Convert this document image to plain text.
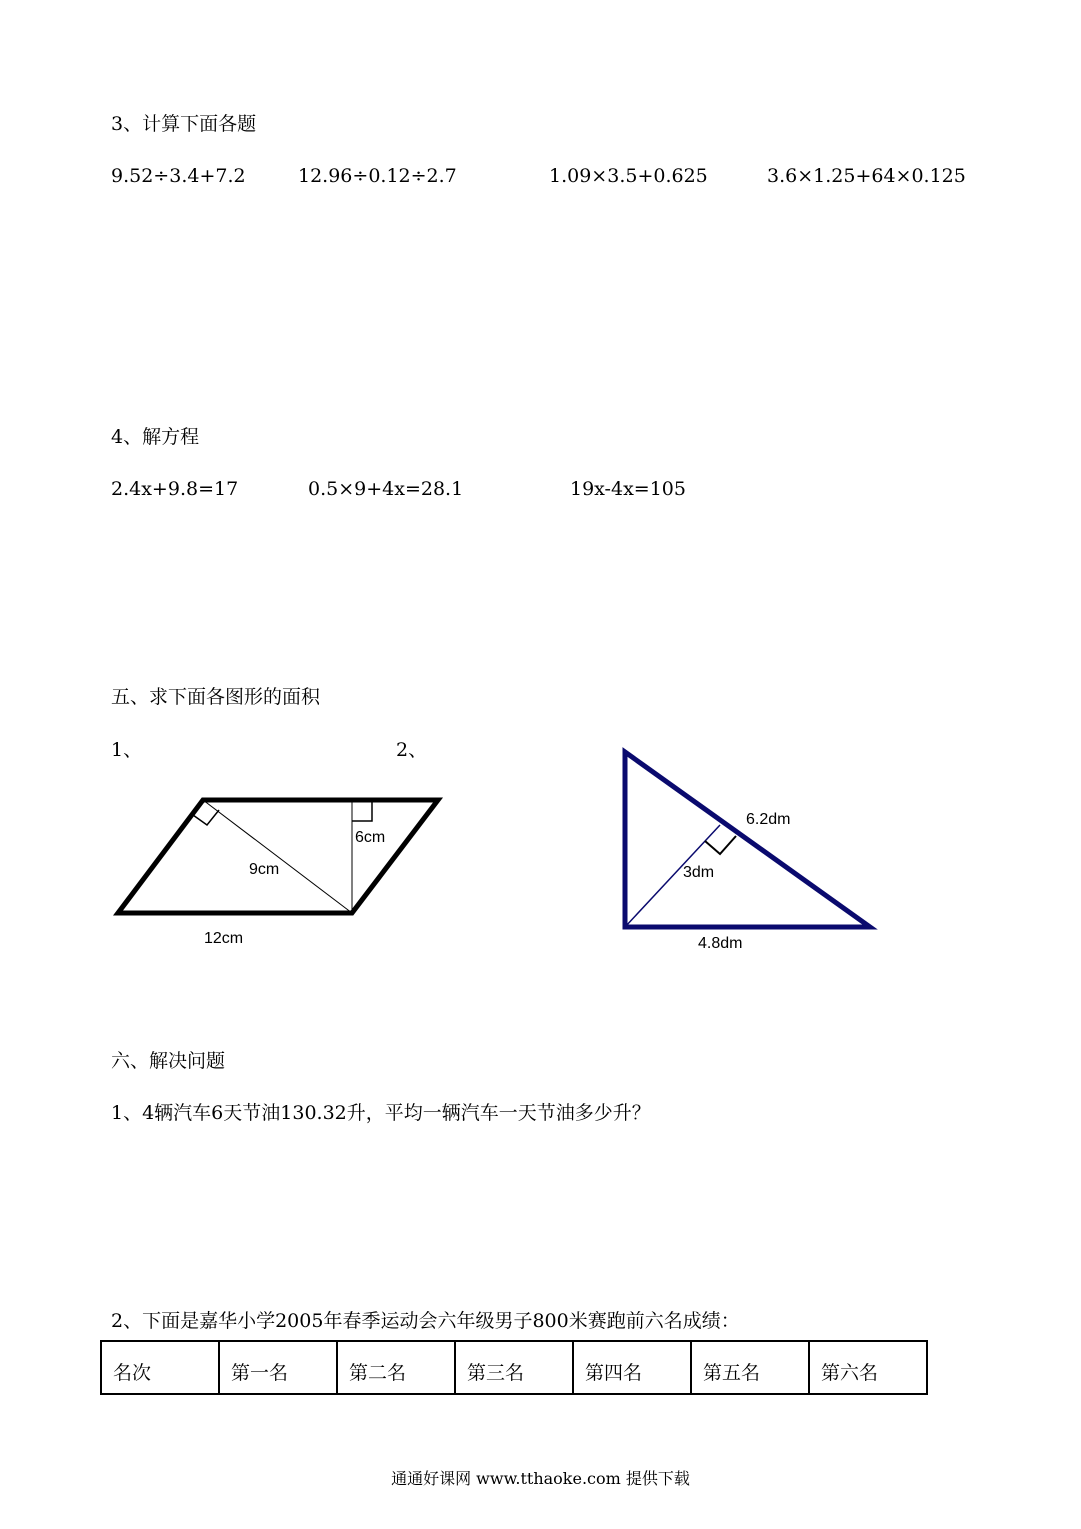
3、计算下面各题
9.52÷3.4+7.2	12.96÷0.12÷2.7	1.09×3.5+0.625	3.6×1.25+64×0.125
4、解方程
2.4x+9.8=17	0.5×9+4x=28.1	19x-4x=105
五、求下面各图形的面积
1、	2、
12cm
6cm
9cm
6.2dm
3dm
4.8dm
六、解决问题
1、4辆汽车6天节油130.32升，平均一辆汽车一天节油多少升？
2、下面是嘉华小学2005年春季运动会六年级男子800米赛跑前六名成绩：
名次	第一名	第二名	第三名	第四名	第五名	第六名
通通好课网 www.tthaoke.com 提供下载
